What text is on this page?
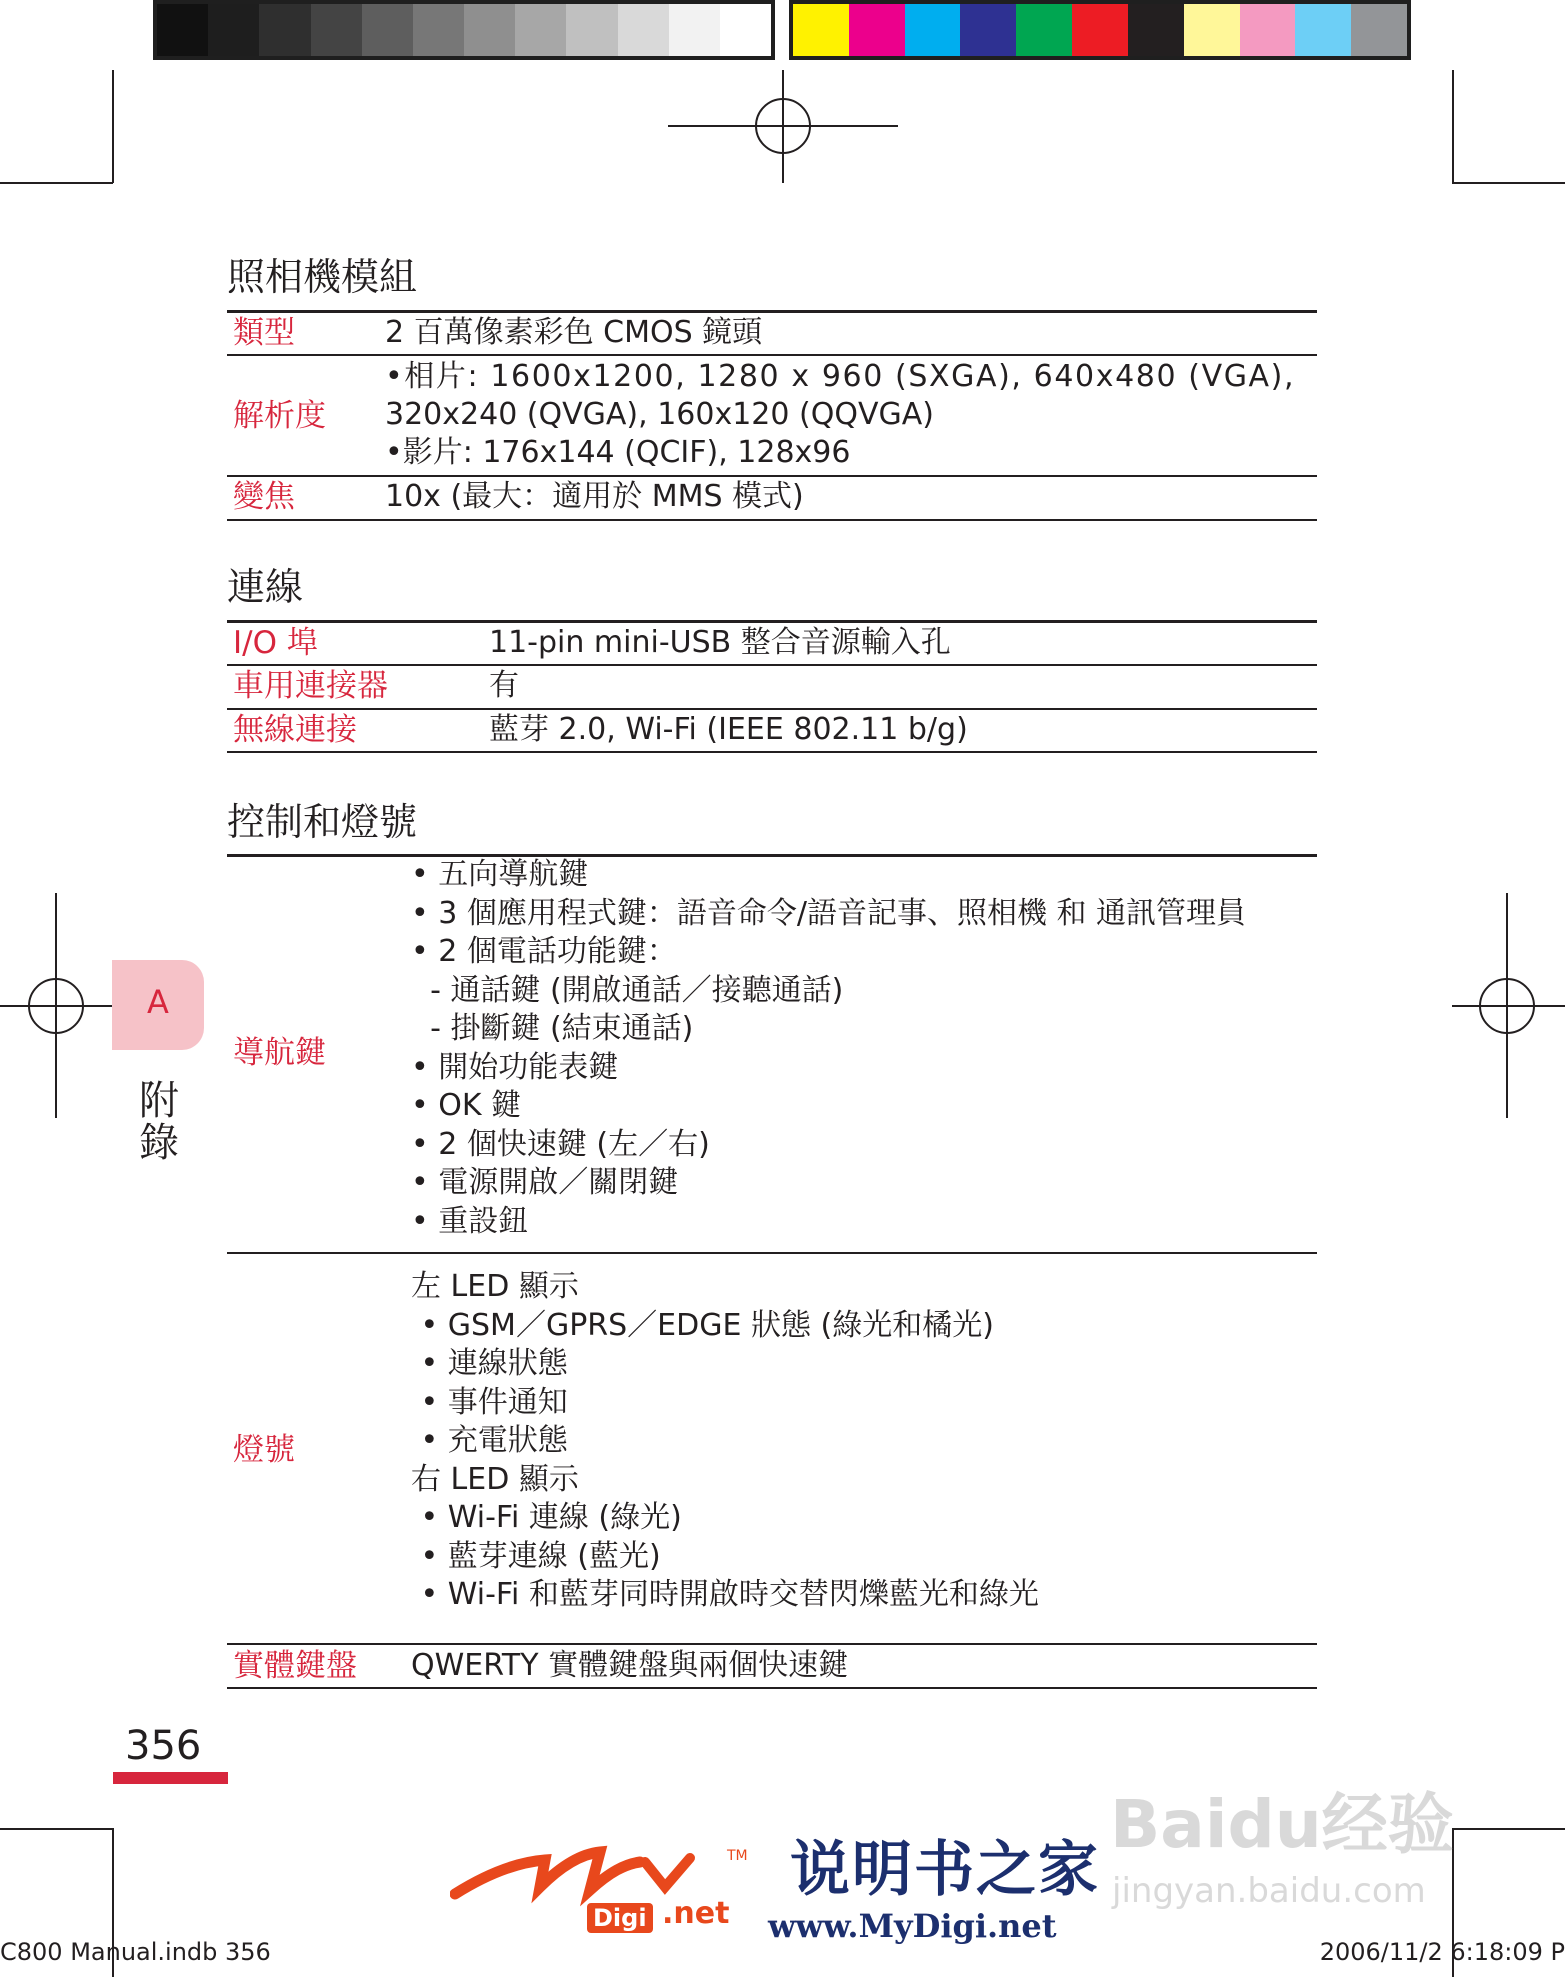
照相機模組
類型	2 百萬像素彩色 CMOS 鏡頭
解析度
•相片: 1600x1200, 1280 x 960 (SXGA), 640x480 (VGA),
320x240 (QVGA), 160x120 (QQVGA)
•影片: 176x144 (QCIF), 128x96
變焦	10x (最大：適用於 MMS 模式)
連線
I/O 埠	11-pin mini-USB 整合音源輸入孔
車用連接器	有
無線連接	藍芽 2.0, Wi-Fi (IEEE 802.11 b/g)
控制和燈號
導航鍵
• 五向導航鍵
• 3 個應用程式鍵：語音命令/語音記事、照相機 和 通訊管理員
• 2 個電話功能鍵：
- 通話鍵 (開啟通話／接聽通話)
- 掛斷鍵 (結束通話)
• 開始功能表鍵
• OK 鍵
• 2 個快速鍵 (左／右)
• 電源開啟／關閉鍵
• 重設鈕
燈號
左 LED 顯示
• GSM／GPRS／EDGE 狀態 (綠光和橘光)
• 連線狀態
• 事件通知
• 充電狀態
右 LED 顯示
• Wi-Fi 連線 (綠光)
• 藍芽連線 (藍光)
• Wi-Fi 和藍芽同時開啟時交替閃爍藍光和綠光
實體鍵盤 QWERTY 實體鍵盤與兩個快速鍵
A
附
錄
356
TM
Digi .net
说明书之家
www.MyDigi.net
Baidu经验
jingyan.baidu.com
C800 Manual.indb 356	2006/11/2 6:18:09 P
